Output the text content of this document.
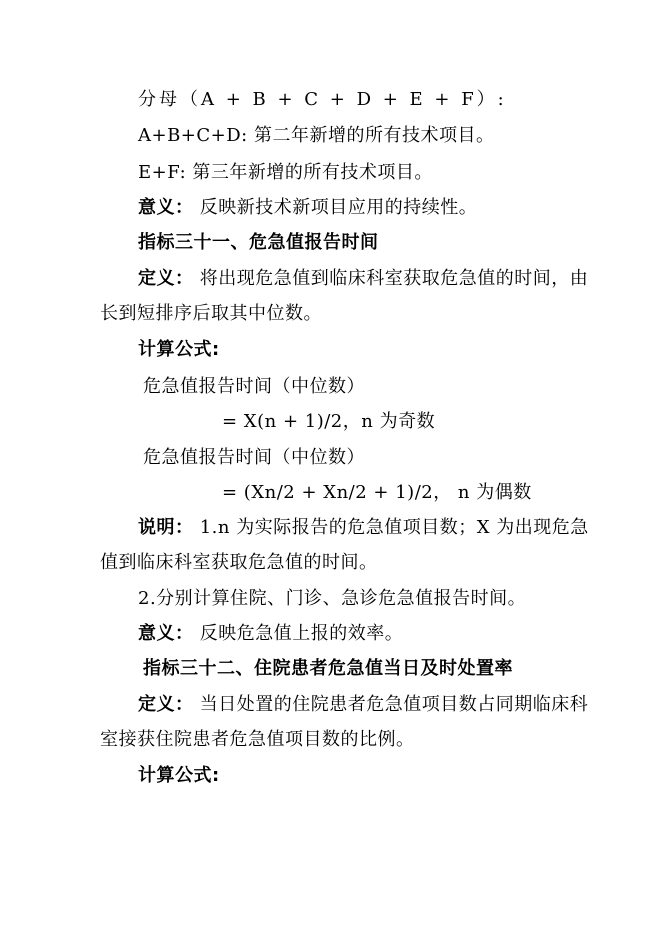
分母（A + B + C + D + E + F）:
A+B+C+D: 第二年新增的所有技术项目。
E+F: 第三年新增的所有技术项目。
意义： 反映新技术新项目应用的持续性。
指标三十一、危急值报告时间
定义： 将出现危急值到临床科室获取危急值的时间，由
长到短排序后取其中位数。
计算公式:
危急值报告时间（中位数）
= X(n + 1)/2，n 为奇数
危急值报告时间（中位数）
= (Xn/2 + Xn/2 + 1)/2， n 为偶数
说明： 1.n 为实际报告的危急值项目数；X 为出现危急
值到临床科室获取危急值的时间。
2.分别计算住院、门诊、急诊危急值报告时间。
意义： 反映危急值上报的效率。
指标三十二、住院患者危急值当日及时处置率
定义： 当日处置的住院患者危急值项目数占同期临床科
室接获住院患者危急值项目数的比例。
计算公式:
